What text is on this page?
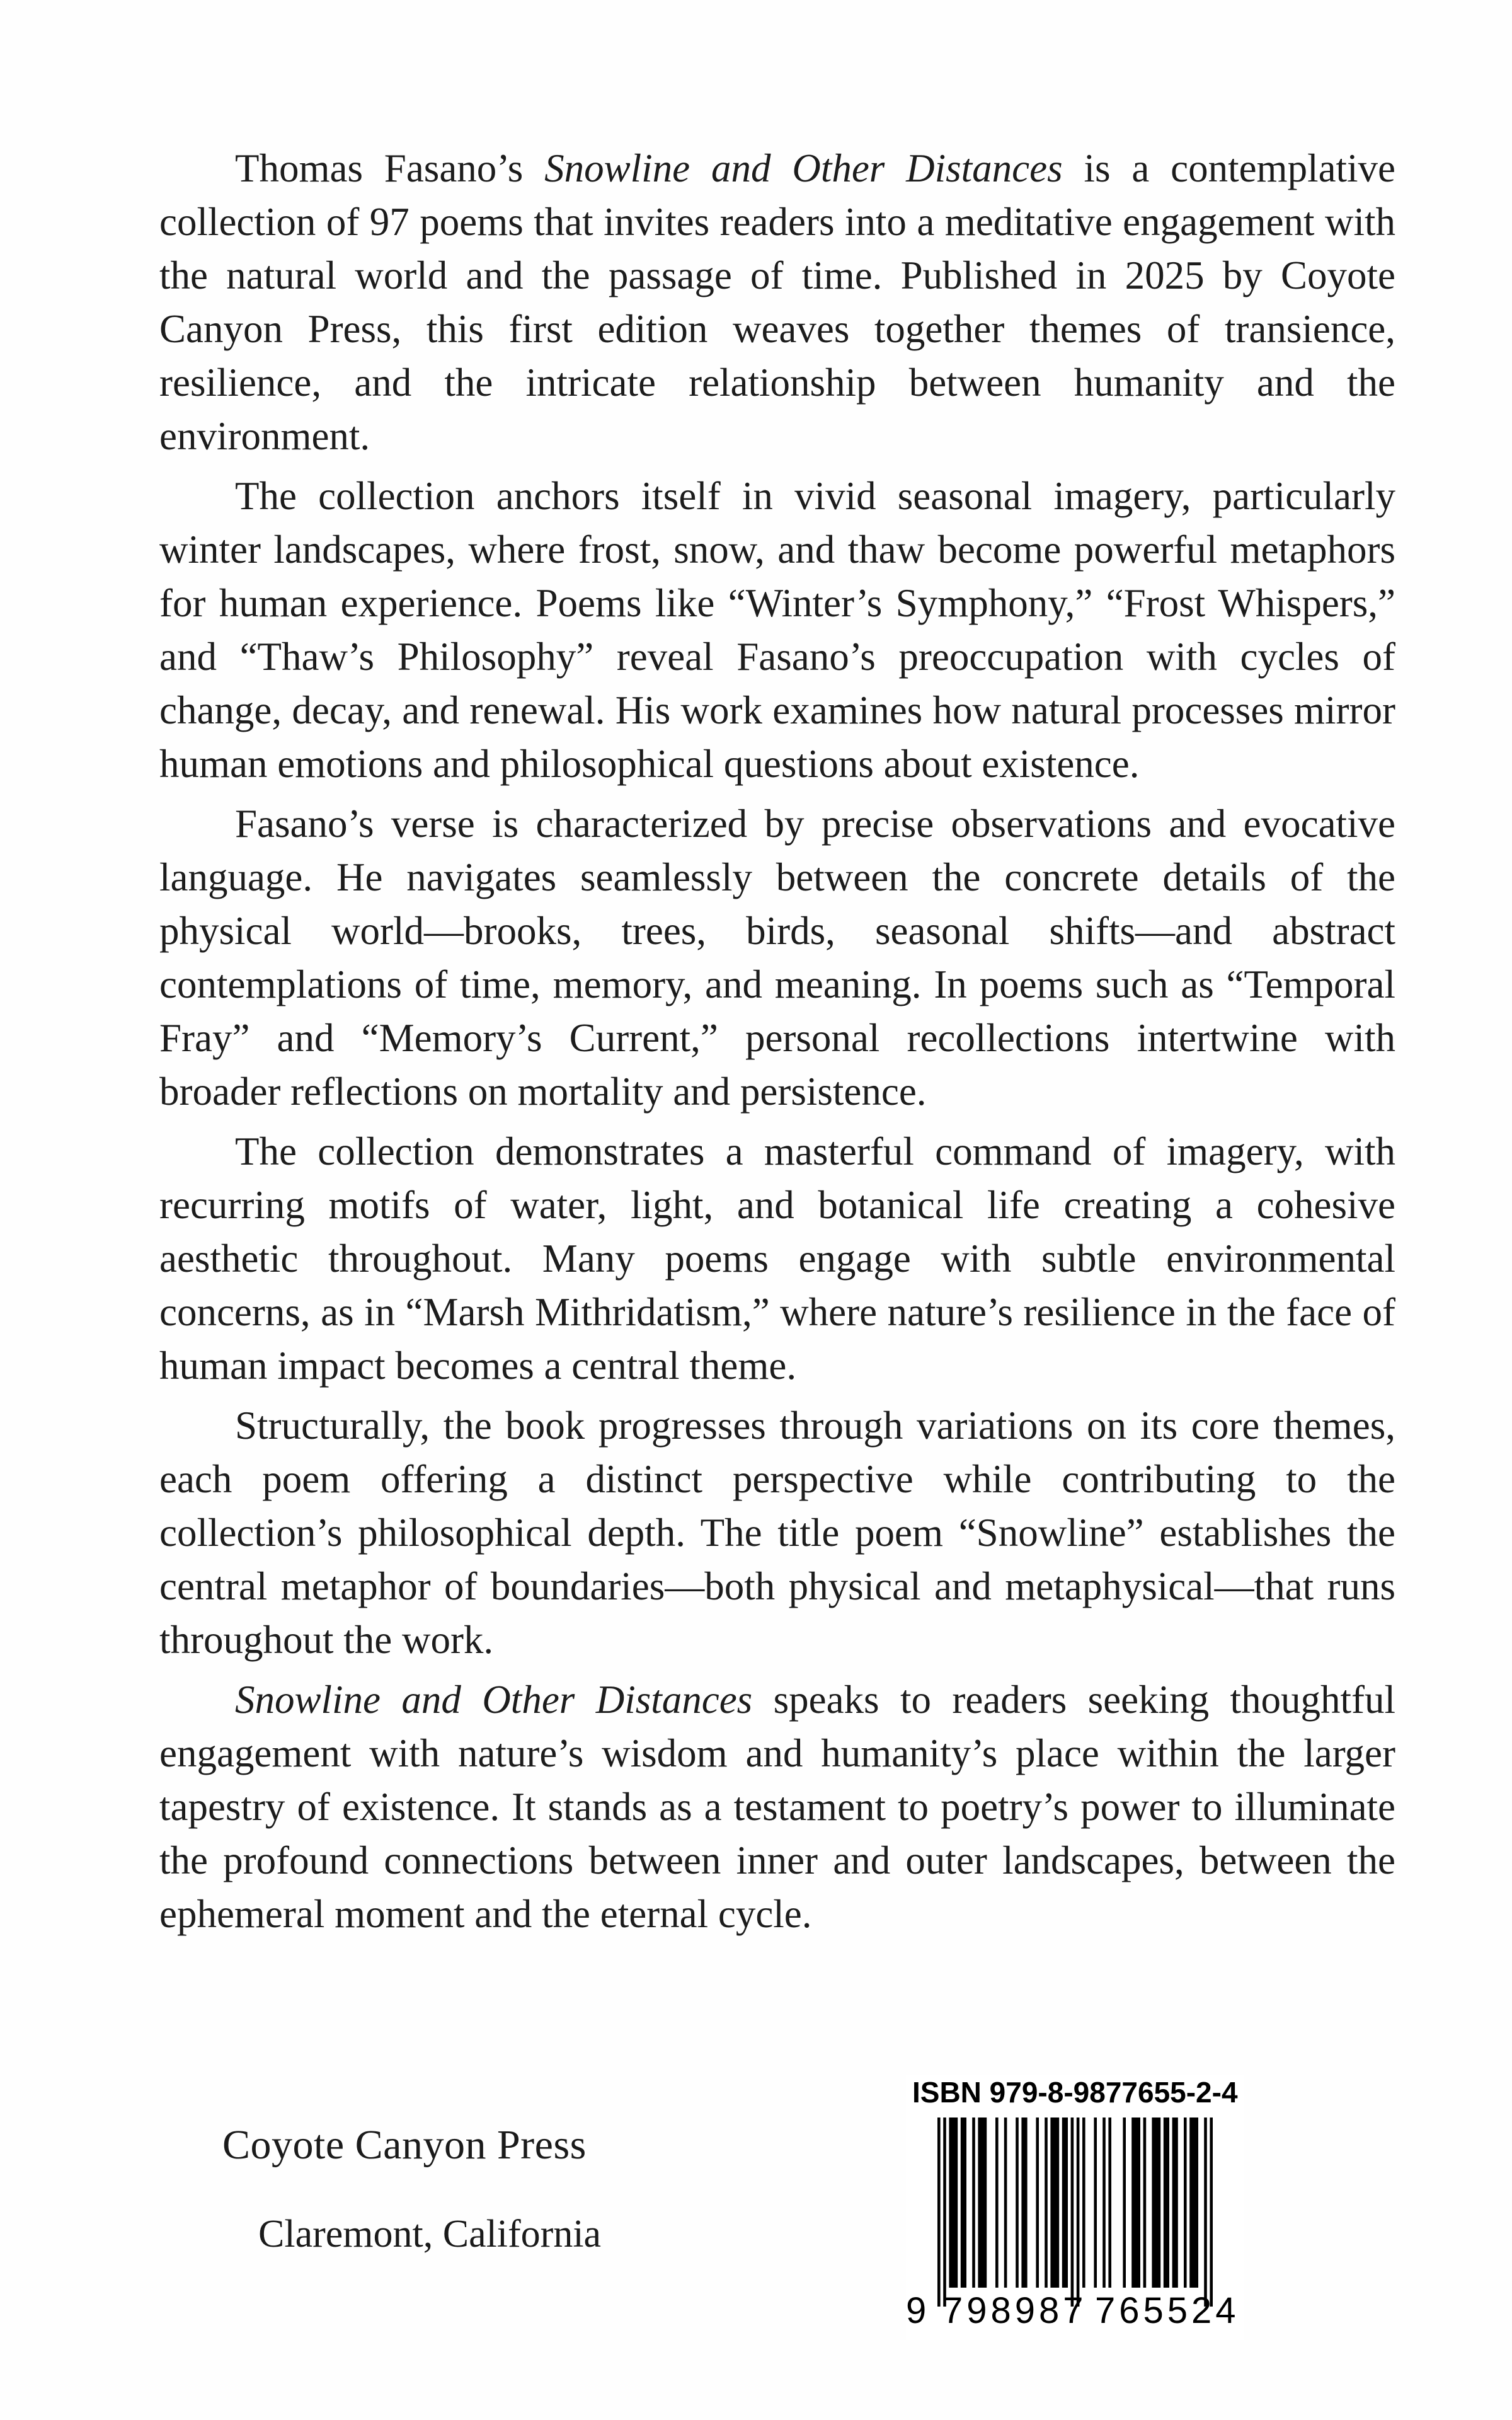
Thomas Fasano’s Snowline and Other Distances is a contemplative collection of 97 poems that invites readers into a meditative engagement with the natural world and the passage of time. Published in 2025 by Coyote Canyon Press, this first edition weaves together themes of transience, resilience, and the intricate relationship between humanity and the environment.

The collection anchors itself in vivid seasonal imagery, particularly winter landscapes, where frost, snow, and thaw become powerful metaphors for human experience. Poems like “Winter’s Symphony,” “Frost Whispers,” and “Thaw’s Philosophy” reveal Fasano’s preoccupation with cycles of change, decay, and renewal. His work examines how natural processes mirror human emotions and philosophical questions about existence.

Fasano’s verse is characterized by precise observations and evocative language. He navigates seamlessly between the concrete details of the physical world—brooks, trees, birds, seasonal shifts—and abstract contemplations of time, memory, and meaning. In poems such as “Temporal Fray” and “Memory’s Current,” personal recollections intertwine with broader reflections on mortality and persistence.

The collection demonstrates a masterful command of imagery, with recurring motifs of water, light, and botanical life creating a cohesive aesthetic throughout. Many poems engage with subtle environmental concerns, as in “Marsh Mithridatism,” where nature’s resilience in the face of human impact becomes a central theme.

Structurally, the book progresses through variations on its core themes, each poem offering a distinct perspective while contributing to the collection’s philosophical depth. The title poem “Snowline” establishes the central metaphor of boundaries—both physical and metaphysical—that runs throughout the work.

Snowline and Other Distances speaks to readers seeking thoughtful engagement with nature’s wisdom and humanity’s place within the larger tapestry of existence. It stands as a testament to poetry’s power to illuminate the profound connections between inner and outer landscapes, between the ephemeral moment and the eternal cycle.

Coyote Canyon Press
Claremont, California
ISBN 979-8-9877655-2-4
9 798987 765524
